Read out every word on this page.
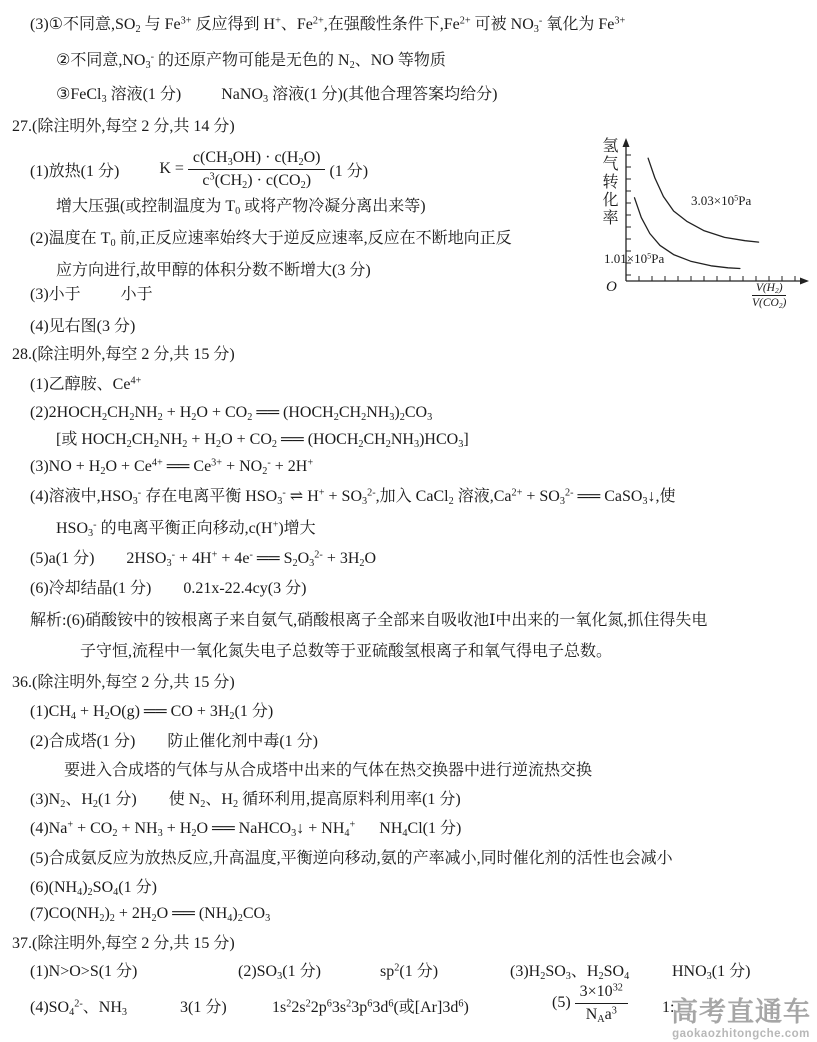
(3)①不同意$,SO_2$ 与 $Fe^{3+}$ 反应得到 H+、$Fe^{2+}$,在强酸性条件下$,Fe^{2+}$ 可被 $NO_3^-$ 氧化为 $Fe^{3+}$
②不同意$,NO_3^-$ 的还原产物可能是无色的 $N_2$、NO 等物质
③FeCl$_3$ 溶液(1 分)          NaNO$_3$ 溶液(1 分)(其他合理答案均给分)
27.(除注明外,每空 2 分,共 14 分)
(1)放热(1 分)	$K = \frac{c(CH_3OH) \cdot c(H_2O)}{c^3(CH_2) \cdot c(CO_2)} (1$ 分)
增大压强(或控制温度为 $T_0$ 或将产物冷凝分离出来等)
(2)温度在 $T_0$ 前,正反应速率始终大于逆反应速率,反应在不断地向正反
应方向进行,故甲醇的体积分数不断增大(3 分)
(3)小于          小于
(4)见右图(3 分)
28.(除注明外,每空 2 分,共 15 分)
(1)乙醇胺、$Ce^{4+}$
$(2)2HOCH_2CH_2NH_2 + H_2O + CO_2$ ══ $(HOCH_2CH_2NH_3)_2CO_3$
[或 $HOCH_2CH_2NH_2 + H_2O + CO_2$ ══ $(HOCH_2CH_2NH_3)HCO_3$]
$(3)NO + H_2O + Ce^{4+}$ ══ $Ce^{3+} + NO_2^- + 2H^+$
(4)溶液中$,HSO_3^-$ 存在电离平衡 $HSO_3^-$ ⇌ $H^+ + SO_3^{2-}$,加入 CaCl$_2$ 溶液$,Ca^{2+} + SO_3^{2-}$ ══ CaSO$_3$↓,使
$HSO_3^-$ 的电离平衡正向移动,c(H+)增大
(5)a(1 分)        $2HSO_3^- + 4H^+ + 4e^-$ ══ $S_2O_3^{2-} + 3H_2O$
(6)冷却结晶(1 分)        0.21x-22.4cy(3 分)
解析:(6)硝酸铵中的铵根离子来自氨气,硝酸根离子全部来自吸收池Ⅰ中出来的一氧化氮,抓住得失电
子守恒,流程中一氧化氮失电子总数等于亚硫酸氢根离子和氧气得电子总数。
36.(除注明外,每空 2 分,共 15 分)
$(1)CH_4 + H_2O(g)$ ══ CO + $3H_2(1$ 分)
(2)合成塔(1 分)        防止催化剂中毒(1 分)
要进入合成塔的气体与从合成塔中出来的气体在热交换器中进行逆流热交换
$(3)N_2$、$H_2(1$ 分)        使 $N_2$、$H_2$ 循环利用,提高原料利用率(1 分)
$(4)Na^+ + CO_2 + NH_3 + H_2O$ ══ NaHCO$_3$↓ + $NH_4^+$      $NH_4Cl(1$ 分)
(5)合成氨反应为放热反应,升高温度,平衡逆向移动,氨的产率减小,同时催化剂的活性也会减小
$(6)(NH_4)_2SO_4(1$ 分)
$(7)CO(NH_2)_2 + 2H_2O$ ══ $(NH_4)_2CO_3$
37.(除注明外,每空 2 分,共 15 分)
(1)N>O>S(1 分)	$(2)SO_3(1$ 分)	$sp^2(1$ 分)	$(3)H_2SO_3$、$H_2SO_4$	$HNO_3(1$ 分)
$(4)SO_4^{2-}$、$NH_3$	3(1 分)	$1s^22s^22p^63s^23p^63d^6$(或$[Ar]3d^6$)	$(5) \frac{3\times 10^{32}}{N_Aa^3} 1$:
氢气转化率	$3.03\times 10^5Pa$
$1.01\times 10^5Pa$
O	$\frac{V(H_2)}{V(CO_2)}$
高考直通车
gaokaozhitongche.com
